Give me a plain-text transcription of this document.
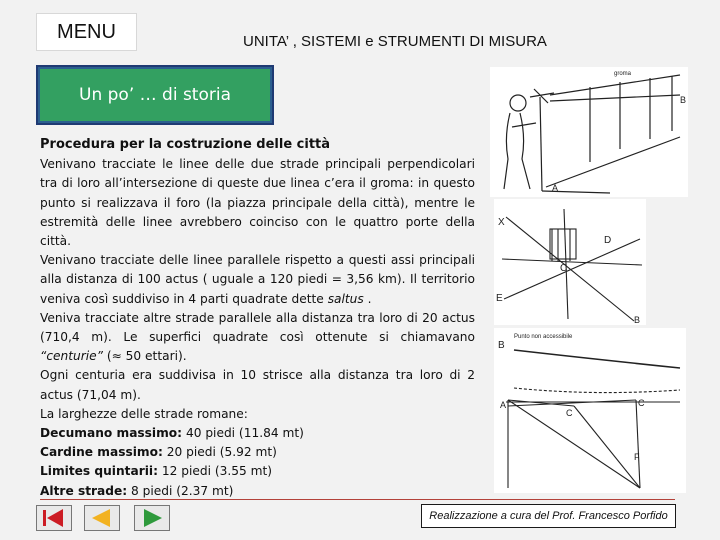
MENU	UNITA’ , SISTEMI e STRUMENTI DI MISURA
Un po’ … di storia
Procedura per la costruzione delle città

Venivano tracciate le linee delle due strade principali perpendicolari tra di loro all’intersezione di queste due linea c’era il groma: in questo punto si realizzava il foro (la piazza principale della città), mentre le estremità delle linee avrebbero coinciso con le quattro porte della città.

Venivano tracciate delle linee parallele rispetto a questi assi principali alla distanza di 100 actus ( uguale a 120 piedi = 3,56 km). Il territorio veniva così suddiviso in 4 parti quadrate dette saltus .

Veniva tracciate altre strade parallele alla distanza tra loro di 20 actus (710,4 m). Le superfici quadrate così ottenute si chiamavano “centurie” (≈ 50 ettari).

Ogni centuria era suddivisa in 10 strisce alla distanza tra loro di 2 actus (71,04 m).

La larghezze delle strade romane:

Decumano massimo: 40 piedi (11.84 mt)
Cardine massimo: 20 piedi (5.92 mt)
Limites quintarii: 12 piedi (3.55 mt)
Altre strade: 8 piedi (2.37 mt)
groma
B
A
X
D
C
E
B
Punto non accessibile
B
A
C
C
F
Realizzazione a cura del Prof. Francesco Porfido
